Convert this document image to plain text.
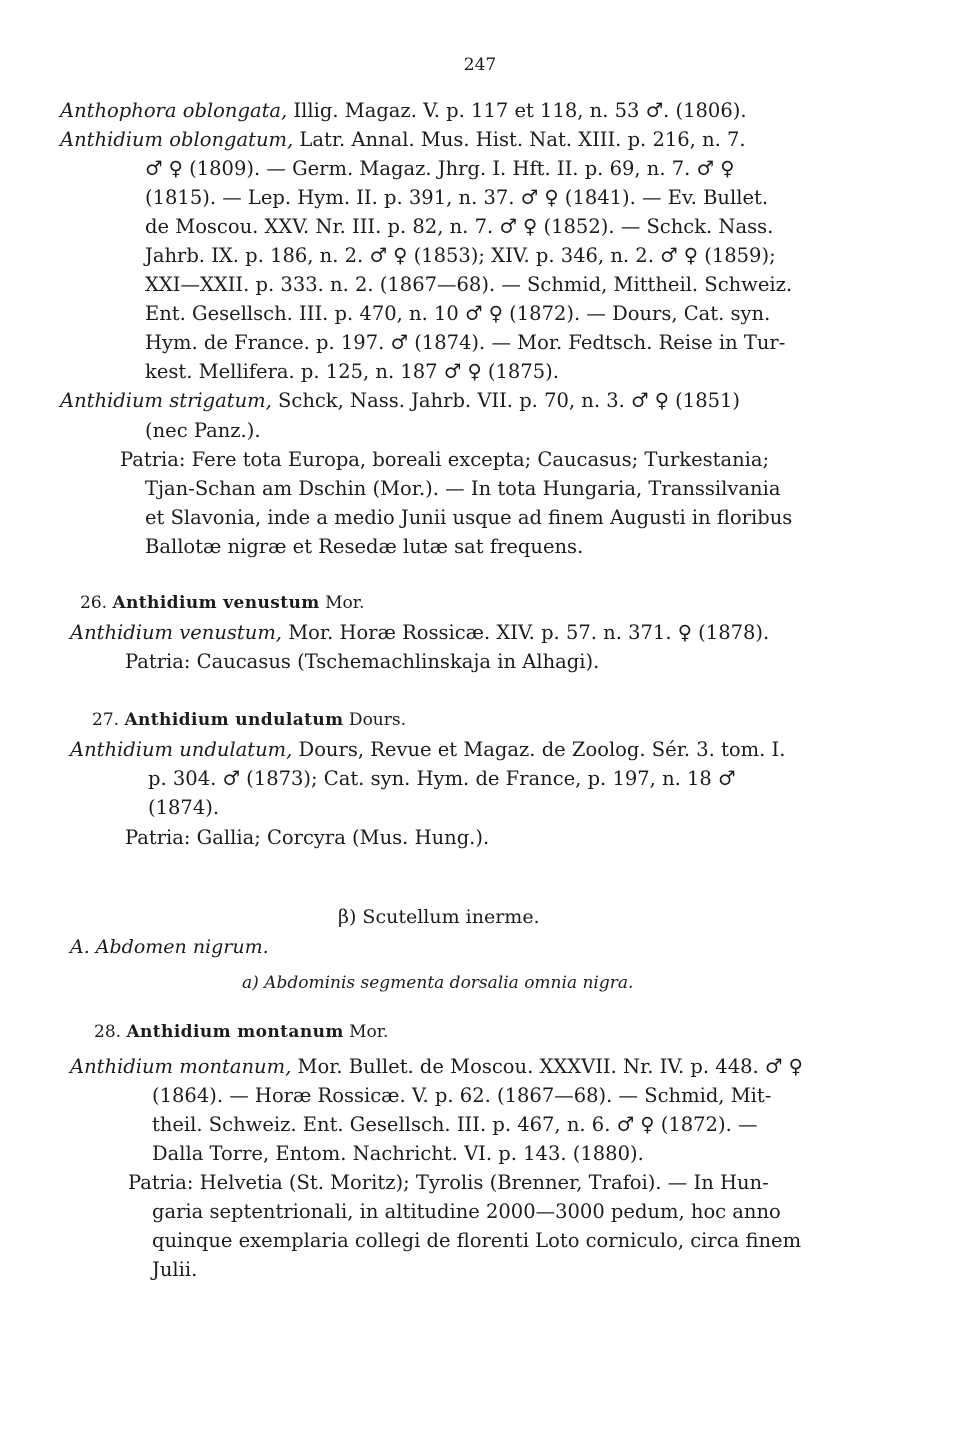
247
Anthophora oblongata, Illig. Magaz. V. p. 117 et 118, n. 53 ♂. (1806).
Anthidium oblongatum, Latr. Annal. Mus. Hist. Nat. XIII. p. 216, n. 7.
♂ ♀ (1809). — Germ. Magaz. Jhrg. I. Hft. II. p. 69, n. 7. ♂ ♀
(1815). — Lep. Hym. II. p. 391, n. 37. ♂ ♀ (1841). — Ev. Bullet.
de Moscou. XXV. Nr. III. p. 82, n. 7. ♂ ♀ (1852). — Schck. Nass.
Jahrb. IX. p. 186, n. 2. ♂ ♀ (1853); XIV. p. 346, n. 2. ♂ ♀ (1859);
XXI—XXII. p. 333. n. 2. (1867—68). — Schmid, Mittheil. Schweiz.
Ent. Gesellsch. III. p. 470, n. 10 ♂ ♀ (1872). — Dours, Cat. syn.
Hym. de France. p. 197. ♂ (1874). — Mor. Fedtsch. Reise in Tur-
kest. Mellifera. p. 125, n. 187 ♂ ♀ (1875).
Anthidium strigatum, Schck, Nass. Jahrb. VII. p. 70, n. 3. ♂ ♀ (1851)
(nec Panz.).
Patria: Fere tota Europa, boreali excepta; Caucasus; Turkestania;
Tjan-Schan am Dschin (Mor.). — In tota Hungaria, Transsilvania
et Slavonia, inde a medio Junii usque ad finem Augusti in floribus
Ballotæ nigræ et Resedæ lutæ sat frequens.
26. Anthidium venustum Mor.
Anthidium venustum, Mor. Horæ Rossicæ. XIV. p. 57. n. 371. ♀ (1878).
Patria: Caucasus (Tschemachlinskaja in Alhagi).
27. Anthidium undulatum Dours.
Anthidium undulatum, Dours, Revue et Magaz. de Zoolog. Sér. 3. tom. I.
p. 304. ♂ (1873); Cat. syn. Hym. de France, p. 197, n. 18 ♂
(1874).
Patria: Gallia; Corcyra (Mus. Hung.).
β) Scutellum inerme.
A. Abdomen nigrum.
a) Abdominis segmenta dorsalia omnia nigra.
28. Anthidium montanum Mor.
Anthidium montanum, Mor. Bullet. de Moscou. XXXVII. Nr. IV. p. 448. ♂ ♀
(1864). — Horæ Rossicæ. V. p. 62. (1867—68). — Schmid, Mit-
theil. Schweiz. Ent. Gesellsch. III. p. 467, n. 6. ♂ ♀ (1872). —
Dalla Torre, Entom. Nachricht. VI. p. 143. (1880).
Patria: Helvetia (St. Moritz); Tyrolis (Brenner, Trafoi). — In Hun-
garia septentrionali, in altitudine 2000—3000 pedum, hoc anno
quinque exemplaria collegi de florenti Loto corniculo, circa finem
Julii.
